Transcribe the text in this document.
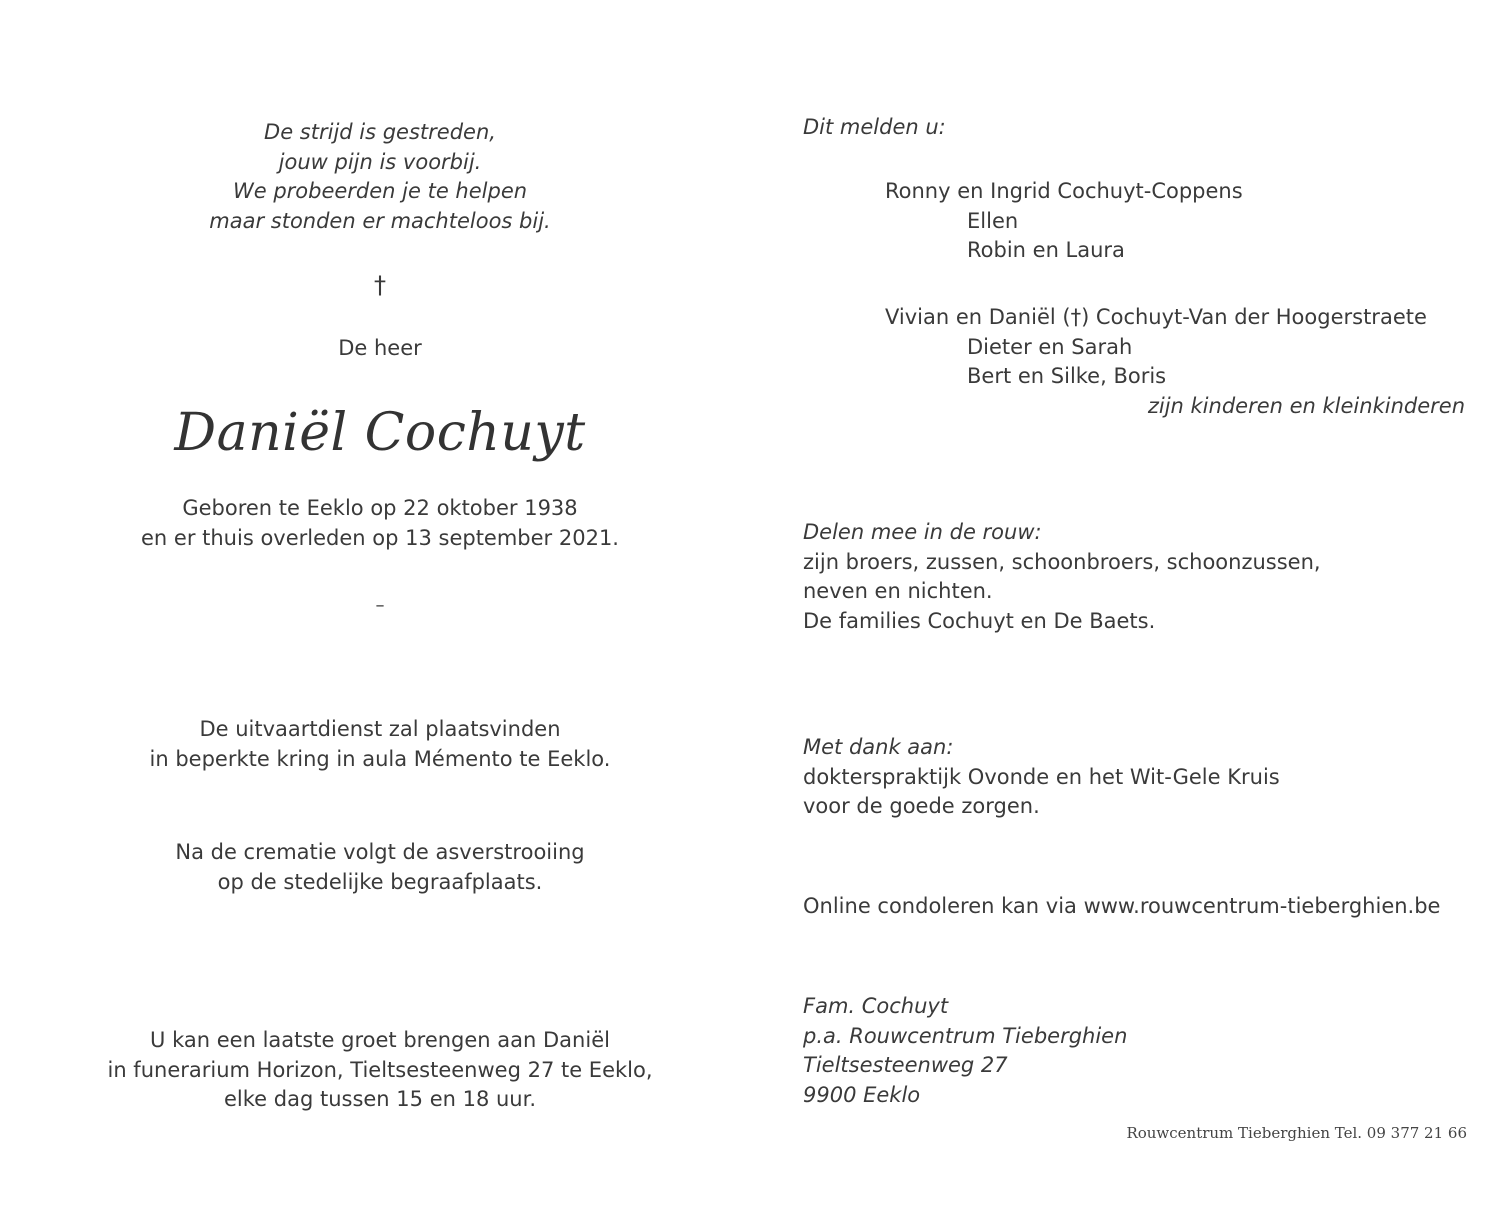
De strijd is gestreden,
jouw pijn is voorbij.
We probeerden je te helpen
maar stonden er machteloos bij.
†
De heer
Daniël Cochuyt
Geboren te Eeklo op 22 oktober 1938
en er thuis overleden op 13 september 2021.
–
De uitvaartdienst zal plaatsvinden
in beperkte kring in aula Mémento te Eeklo.
Na de crematie volgt de asverstrooiing
op de stedelijke begraafplaats.
U kan een laatste groet brengen aan Daniël
in funerarium Horizon, Tieltsesteenweg 27 te Eeklo,
elke dag tussen 15 en 18 uur.
Dit melden u:
Ronny en Ingrid Cochuyt-Coppens
Ellen
Robin en Laura
Vivian en Daniël (†) Cochuyt-Van der Hoogerstraete
Dieter en Sarah
Bert en Silke, Boris
zijn kinderen en kleinkinderen
Delen mee in de rouw:
zijn broers, zussen, schoonbroers, schoonzussen,
neven en nichten.
De families Cochuyt en De Baets.
Met dank aan:
dokterspraktijk Ovonde en het Wit-Gele Kruis
voor de goede zorgen.
Online condoleren kan via www.rouwcentrum-tieberghien.be
Fam. Cochuyt
p.a. Rouwcentrum Tieberghien
Tieltsesteenweg 27
9900 Eeklo
Rouwcentrum Tieberghien Tel. 09 377 21 66
